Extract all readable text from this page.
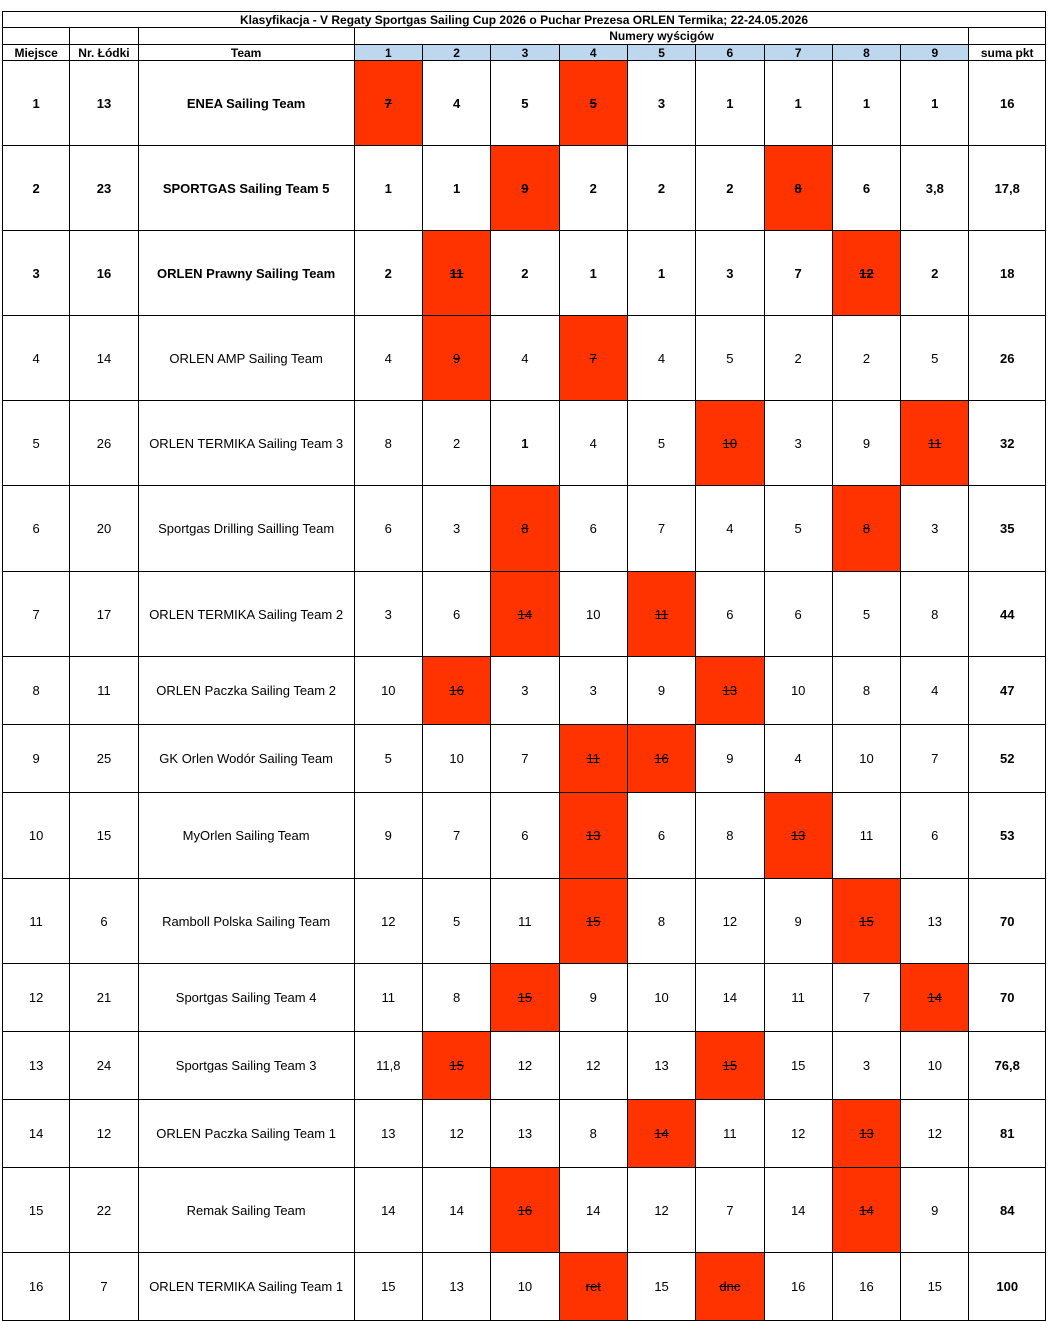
Klasyfikacja - V Regaty Sportgas Sailing Cup 2026 o Puchar Prezesa ORLEN Termika; 22-24.05.2026												
			Numery wyścigów									
Miejsce	Nr. Łódki	Team	1	2	3	4	5	6	7	8	9	suma pkt
1	13	ENEA Sailing Team	7	4	5	5	3	1	1	1	1	16
2	23	SPORTGAS Sailing Team 5	1	1	9	2	2	2	8	6	3,8	17,8
3	16	ORLEN Prawny Sailing Team	2	11	2	1	1	3	7	12	2	18
4	14	ORLEN AMP Sailing Team	4	9	4	7	4	5	2	2	5	26
5	26	ORLEN TERMIKA Sailing Team 3	8	2	1	4	5	10	3	9	11	32
6	20	Sportgas Drilling Sailling Team	6	3	8	6	7	4	5	8	3	35
7	17	ORLEN TERMIKA Sailing Team 2	3	6	14	10	11	6	6	5	8	44
8	11	ORLEN Paczka Sailing Team 2	10	16	3	3	9	13	10	8	4	47
9	25	GK Orlen Wodór Sailing Team	5	10	7	11	16	9	4	10	7	52
10	15	MyOrlen Sailing Team	9	7	6	13	6	8	13	11	6	53
11	6	Ramboll Polska Sailing Team	12	5	11	15	8	12	9	15	13	70
12	21	Sportgas Sailing Team 4	11	8	15	9	10	14	11	7	14	70
13	24	Sportgas Sailing Team 3	11,8	15	12	12	13	15	15	3	10	76,8
14	12	ORLEN Paczka Sailing Team 1	13	12	13	8	14	11	12	13	12	81
15	22	Remak Sailing Team	14	14	16	14	12	7	14	14	9	84
16	7	ORLEN TERMIKA Sailing Team 1	15	13	10	ret	15	dnc	16	16	15	100
